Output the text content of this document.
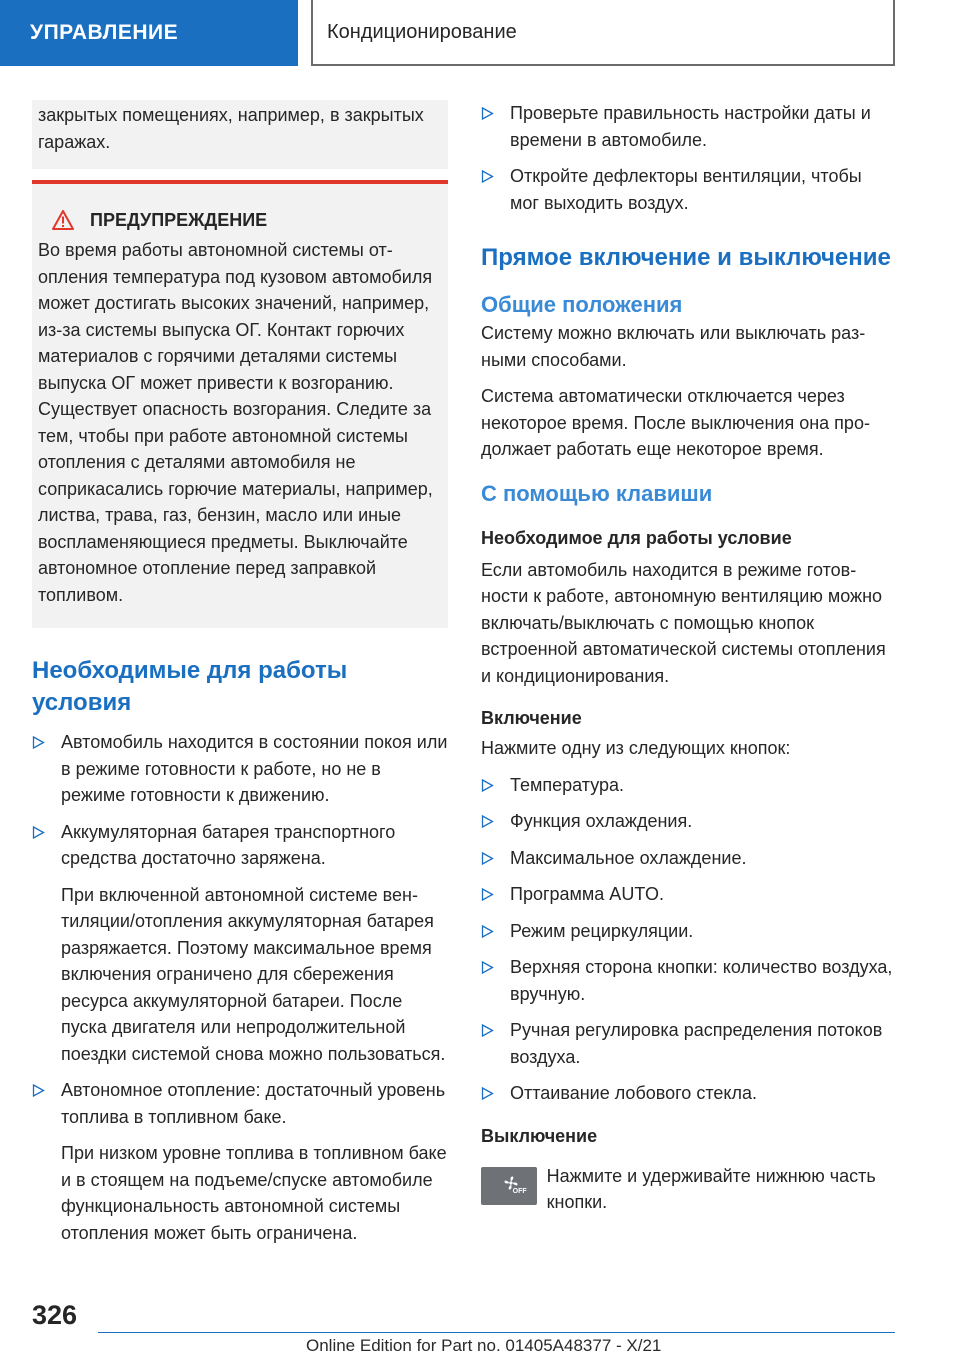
УПРАВЛЕНИЕ	Кондиционирование

закрытых помещениях, например, в закрытых гаражах.

ПРЕДУПРЕЖДЕНИЕ

Во время работы автономной системы отопления температура под кузовом автомобиля может достигать высоких значений, например, из-за системы выпуска ОГ. Контакт горючих материалов с горячими деталями системы выпуска ОГ может привести к возгоранию. Существует опасность возгорания. Следите за тем, чтобы при работе автономной системы отопления с деталями автомобиля не соприкасались горючие материалы, например, листва, трава, газ, бензин, масло или иные воспламеняющиеся предметы. Выключайте автономное отопление перед заправкой топливом.

Необходимые для работы условия
Автомобиль находится в состоянии покоя или в режиме готовности к работе, но не в режиме готовности к движению.
Аккумуляторная батарея транспортного средства достаточно заряжена.
При включенной автономной системе вентиляции/отопления аккумуляторная батарея разряжается. Поэтому максимальное время включения ограничено для сбережения ресурса аккумуляторной батареи. После пуска двигателя или непродолжительной поездки системой снова можно пользоваться.
Автономное отопление: достаточный уровень топлива в топливном баке.
При низком уровне топлива в топливном баке и в стоящем на подъеме/спуске автомобиле функциональность автономной системы отопления может быть ограничена.
Проверьте правильность настройки даты и времени в автомобиле.
Откройте дефлекторы вентиляции, чтобы мог выходить воздух.
Прямое включение и выключение
Общие положения

Систему можно включать или выключать разными способами.

Система автоматически отключается через некоторое время. После выключения она продолжает работать еще некоторое время.

С помощью клавиши
Необходимое для работы условие

Если автомобиль находится в режиме готовности к работе, автономную вентиляцию можно включать/выключать с помощью кнопок встроенной автоматической системы отопления и кондиционирования.

Включение

Нажмите одну из следующих кнопок:

Температура.
Функция охлаждения.
Максимальное охлаждение.
Программа AUTO.
Режим рециркуляции.
Верхняя сторона кнопки: количество воздуха, вручную.
Ручная регулировка распределения потоков воздуха.
Оттаивание лобового стекла.
Выключение
OFF

Нажмите и удерживайте нижнюю часть кнопки.

326
Online Edition for Part no. 01405A48377 - X/21
